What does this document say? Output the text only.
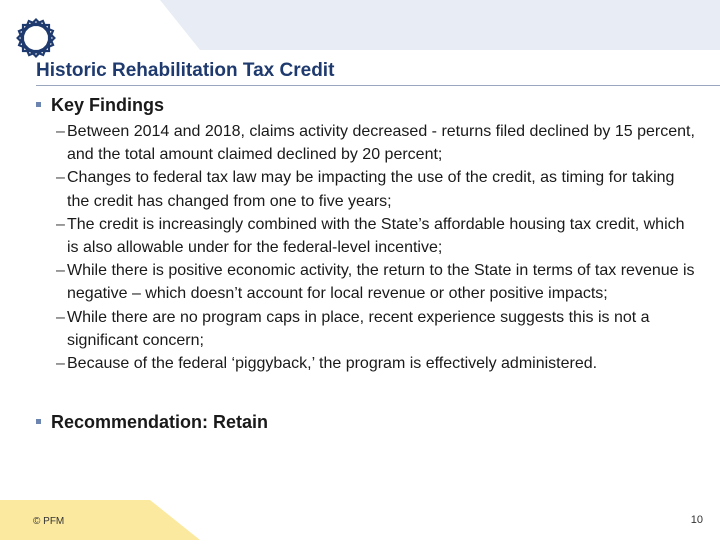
Historic Rehabilitation Tax Credit
Key Findings
– Between 2014 and 2018, claims activity decreased - returns filed declined by 15 percent, and the total amount claimed declined by 20 percent;
– Changes to federal tax law may be impacting the use of the credit, as timing for taking the credit has changed from one to five years;
– The credit is increasingly combined with the State’s affordable housing tax credit, which is also allowable under for the federal-level incentive;
– While there is positive economic activity, the return to the State in terms of tax revenue is negative – which doesn’t account for local revenue or other positive impacts;
– While there are no program caps in place, recent experience suggests this is not a significant concern;
– Because of the federal ‘piggyback,’ the program is effectively administered.
Recommendation: Retain
© PFM	10
